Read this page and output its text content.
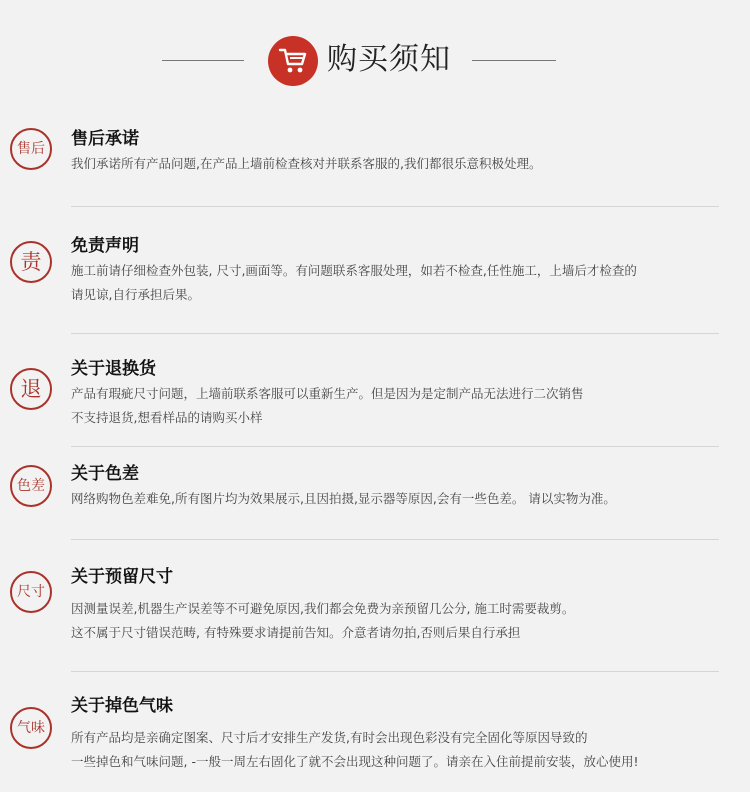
购买须知
售后	售后承诺
我们承诺所有产品问题,在产品上墙前检查核对并联系客服的,我们都很乐意积极处理。
责
免责声明
施工前请仔细检查外包装, 尺寸,画面等。有问题联系客服处理，如若不检查,任性施工，上墙后才检查的
请见谅,自行承担后果。
退
关于退换货
产品有瑕疵尺寸问题，上墙前联系客服可以重新生产。但是因为是定制产品无法进行二次销售
不支持退货,想看样品的请购买小样
色差
关于色差
网络购物色差难免,所有图片均为效果展示,且因拍摄,显示器等原因,会有一些色差。 请以实物为准。
尺寸
关于预留尺寸
因测量误差,机器生产误差等不可避免原因,我们都会免费为亲预留几公分, 施工时需要裁剪。
这不属于尺寸错误范畴, 有特殊要求请提前告知。介意者请勿拍,否则后果自行承担
气味
关于掉色气味
所有产品均是亲确定图案、尺寸后才安排生产发货,有时会出现色彩没有完全固化等原因导致的
一些掉色和气味问题, -一般一周左右固化了就不会出现这种问题了。请亲在入住前提前安装，放心使用!
